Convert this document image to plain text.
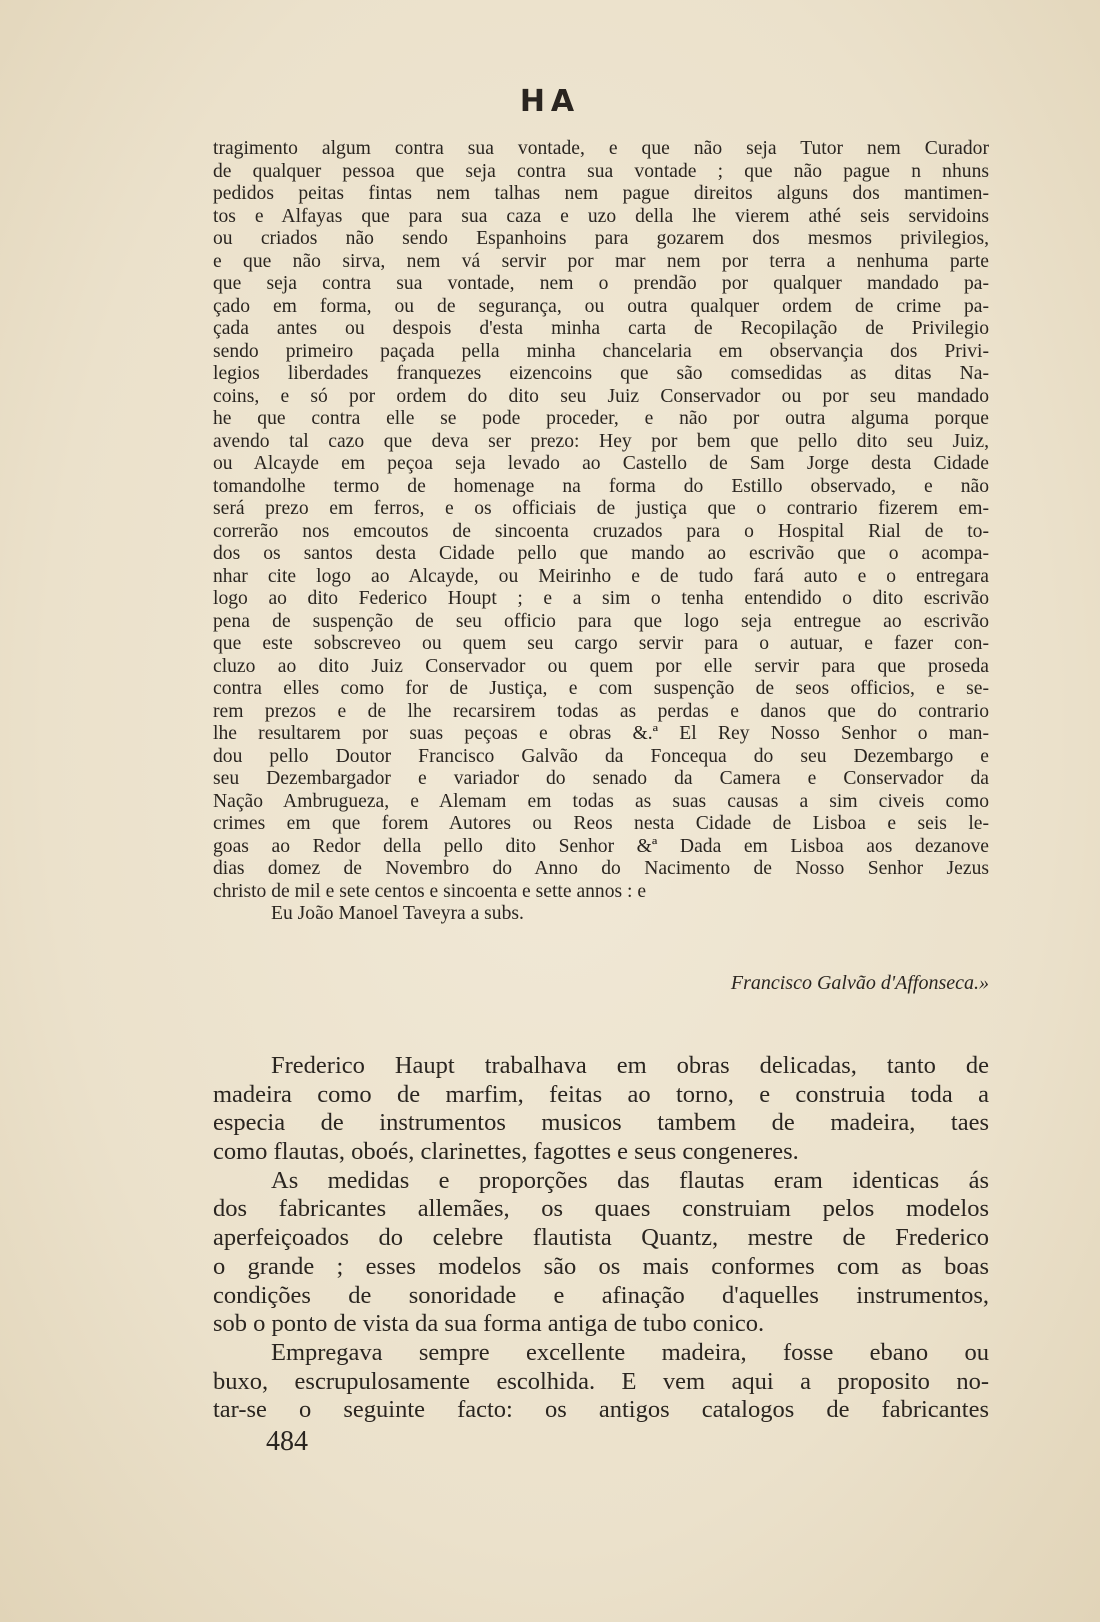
HA
tragimento algum contra sua vontade, e que não seja Tutor nem Curador
de qualquer pessoa que seja contra sua vontade ; que não pague n nhuns
pedidos peitas fintas nem talhas nem pague direitos alguns dos mantimen-
tos e Alfayas que para sua caza e uzo della lhe vierem athé seis servidoins
ou criados não sendo Espanhoins para gozarem dos mesmos privilegios,
e que não sirva, nem vá servir por mar nem por terra a nenhuma parte
que seja contra sua vontade, nem o prendão por qualquer mandado pa-
çado em forma, ou de segurança, ou outra qualquer ordem de crime pa-
çada antes ou despois d'esta minha carta de Recopilação de Privilegio
sendo primeiro paçada pella minha chancelaria em observançia dos Privi-
legios liberdades franquezes eizencoins que são comsedidas as ditas Na-
coins, e só por ordem do dito seu Juiz Conservador ou por seu mandado
he que contra elle se pode proceder, e não por outra alguma porque
avendo tal cazo que deva ser prezo: Hey por bem que pello dito seu Juiz,
ou Alcayde em peçoa seja levado ao Castello de Sam Jorge desta Cidade
tomandolhe termo de homenage na forma do Estillo observado, e não
será prezo em ferros, e os officiais de justiça que o contrario fizerem em-
correrão nos emcoutos de sincoenta cruzados para o Hospital Rial de to-
dos os santos desta Cidade pello que mando ao escrivão que o acompa-
nhar cite logo ao Alcayde, ou Meirinho e de tudo fará auto e o entregara
logo ao dito Federico Houpt ; e a sim o tenha entendido o dito escrivão
pena de suspenção de seu officio para que logo seja entregue ao escrivão
que este sobscreveo ou quem seu cargo servir para o autuar, e fazer con-
cluzo ao dito Juiz Conservador ou quem por elle servir para que proseda
contra elles como for de Justiça, e com suspenção de seos officios, e se-
rem prezos e de lhe recarsirem todas as perdas e danos que do contrario
lhe resultarem por suas peçoas e obras &.ª El Rey Nosso Senhor o man-
dou pello Doutor Francisco Galvão da Foncequa do seu Dezembargo e
seu Dezembargador e variador do senado da Camera e Conservador da
Nação Ambrugueza, e Alemam em todas as suas causas a sim civeis como
crimes em que forem Autores ou Reos nesta Cidade de Lisboa e seis le-
goas ao Redor della pello dito Senhor &ª Dada em Lisboa aos dezanove
dias domez de Novembro do Anno do Nacimento de Nosso Senhor Jezus
christo de mil e sete centos e sincoenta e sette annos : e
Eu João Manoel Taveyra a subs.
Francisco Galvão d'Affonseca.»
Frederico Haupt trabalhava em obras delicadas, tanto de
madeira como de marfim, feitas ao torno, e construia toda a
especia de instrumentos musicos tambem de madeira, taes
como flautas, oboés, clarinettes, fagottes e seus congeneres.
As medidas e proporções das flautas eram identicas ás
dos fabricantes allemães, os quaes construiam pelos modelos
aperfeiçoados do celebre flautista Quantz, mestre de Frederico
o grande ; esses modelos são os mais conformes com as boas
condições de sonoridade e afinação d'aquelles instrumentos,
sob o ponto de vista da sua forma antiga de tubo conico.
Empregava sempre excellente madeira, fosse ebano ou
buxo, escrupulosamente escolhida. E vem aqui a proposito no-
tar-se o seguinte facto: os antigos catalogos de fabricantes
484
